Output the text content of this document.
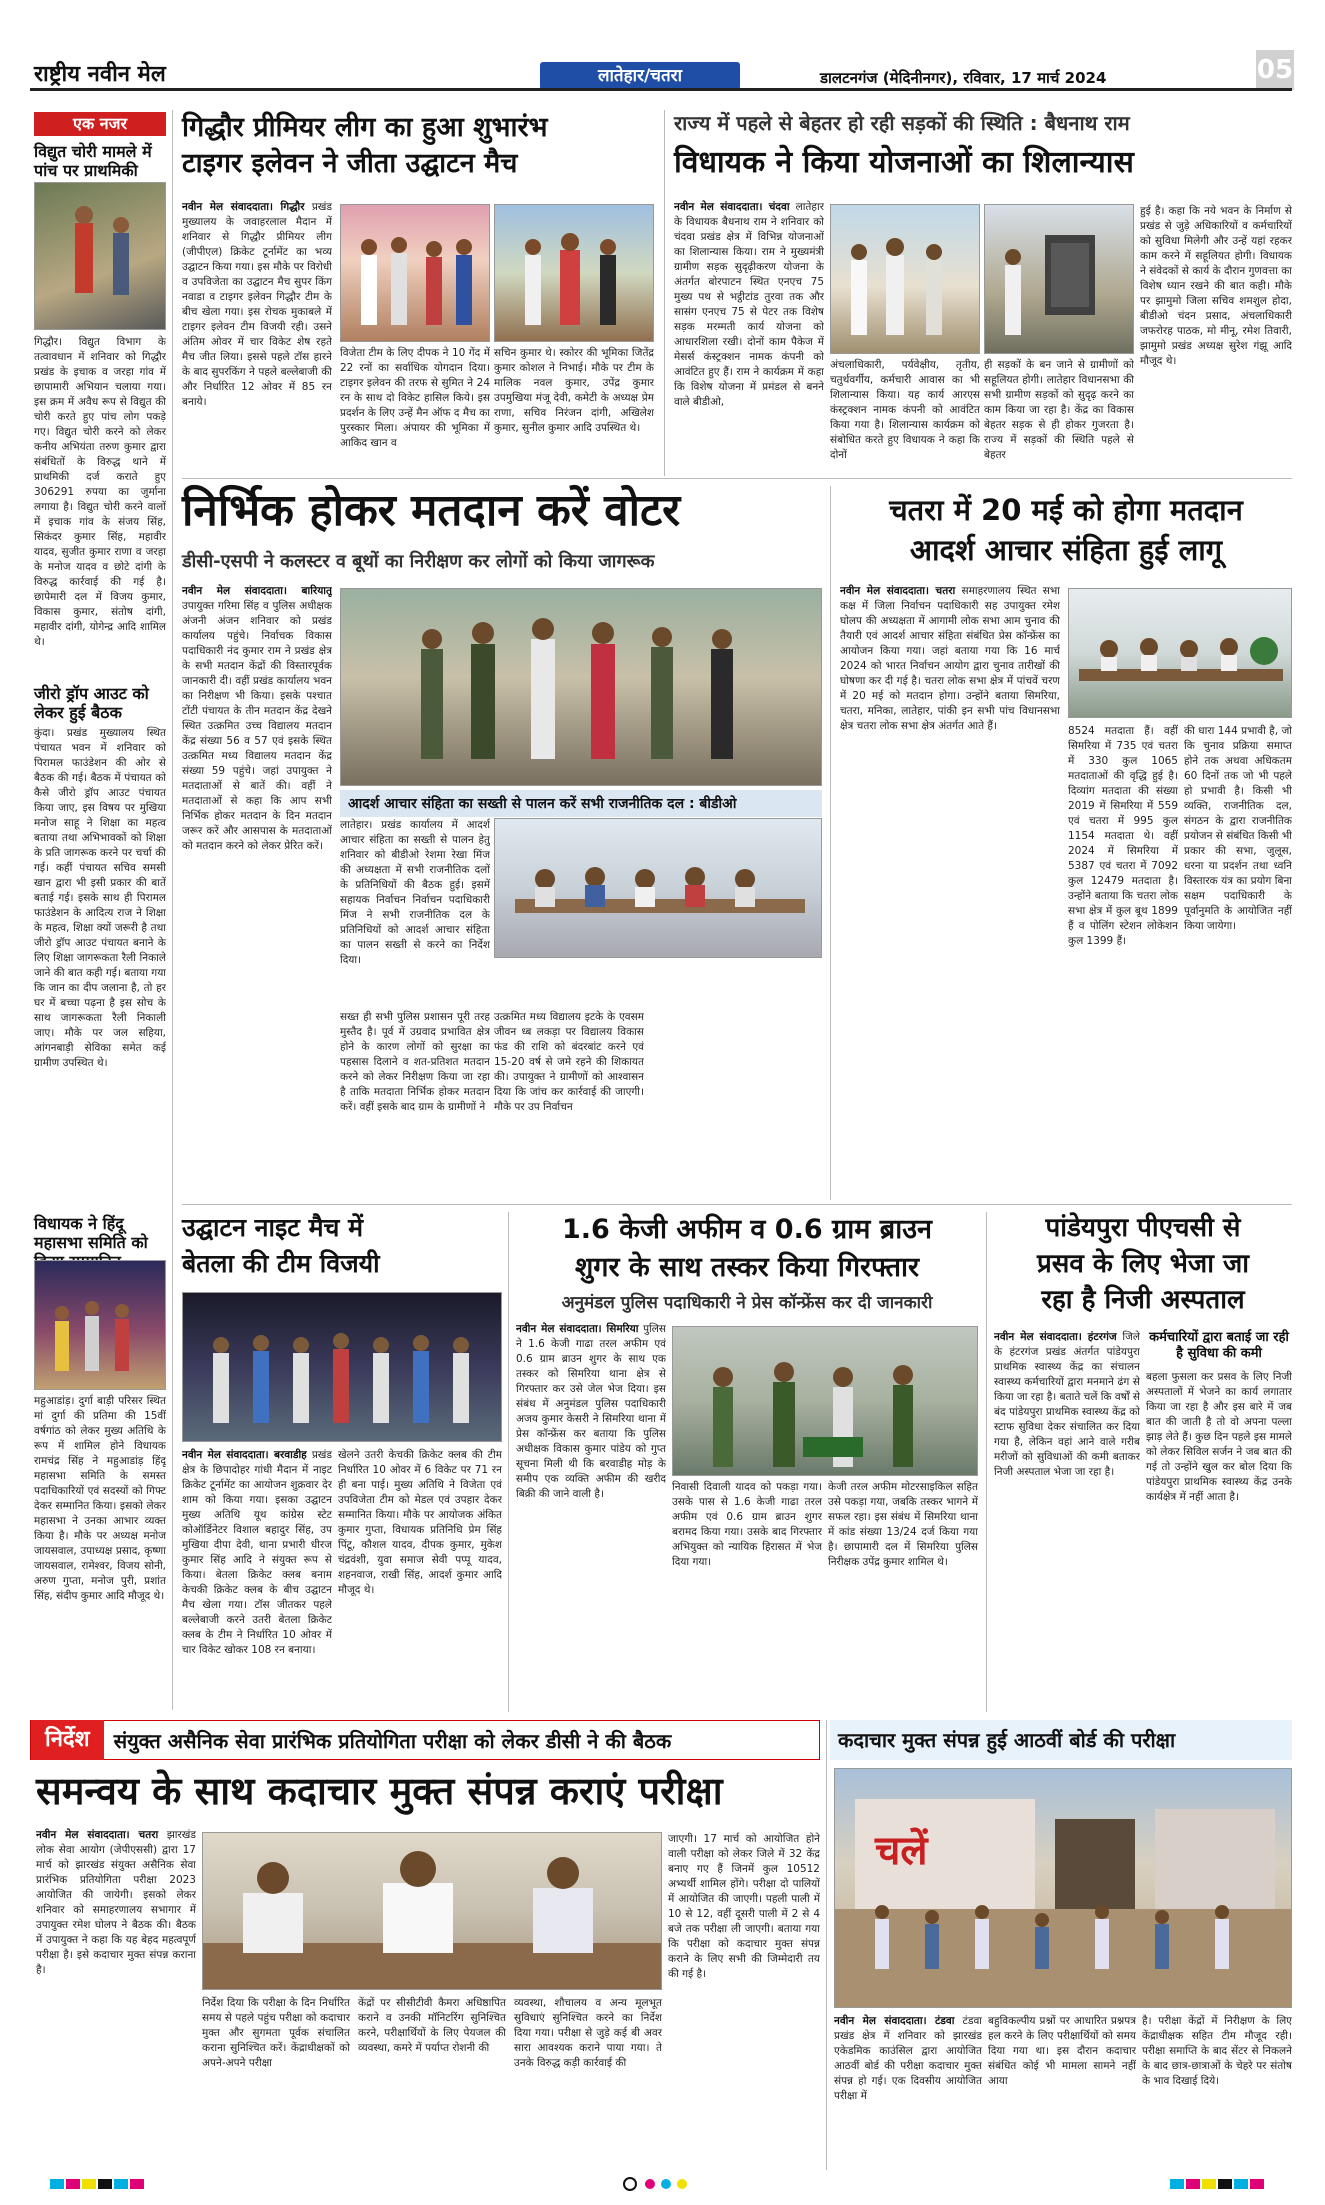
राष्ट्रीय नवीन मेल	लातेहार/चतरा	डालटनगंज (मेदिनीनगर), रविवार, 17 मार्च 2024	05
एक नजर
विद्युत चोरी मामले में पांच पर प्राथमिकी
गिद्धौर। विद्युत विभाग के तत्वावधान में शनिवार को गिद्धौर प्रखंड के इचाक व जरहा गांव में छापामारी अभियान चलाया गया। इस क्रम में अवैध रूप से विद्युत की चोरी करते हुए पांच लोग पकड़े गए। विद्युत चोरी करने को लेकर कनीय अभियंता तरुण कुमार द्वारा संबंधितों के विरुद्ध थाने में प्राथमिकी दर्ज कराते हुए 306291 रुपया का जुर्माना लगाया है। विद्युत चोरी करने वालों में इचाक गांव के संजय सिंह, सिकंदर कुमार सिंह, महावीर यादव, सुजीत कुमार राणा व जरहा के मनोज यादव व छोटे दांगी के विरुद्ध कार्रवाई की गई है। छापेमारी दल में विजय कुमार, विकास कुमार, संतोष दांगी, महावीर दांगी, योगेन्द्र आदि शामिल थे।
जीरो ड्रॉप आउट को लेकर हुई बैठक
कुंदा। प्रखंड मुख्यालय स्थित पंचायत भवन में शनिवार को पिरामल फाउंडेशन की ओर से बैठक की गई। बैठक में पंचायत को कैसे जीरो ड्रॉप आउट पंचायत किया जाए, इस विषय पर मुखिया मनोज साहू ने शिक्षा का महत्व बताया तथा अभिभावकों को शिक्षा के प्रति जागरूक करने पर चर्चा की गई। कहीं पंचायत सचिव समसी खान द्वारा भी इसी प्रकार की बातें बताई गई। इसके साथ ही पिरामल फाउंडेशन के आदित्य राज ने शिक्षा के महत्व, शिक्षा क्यों जरूरी है तथा जीरो ड्रॉप आउट पंचायत बनाने के लिए शिक्षा जागरूकता रैली निकाले जाने की बात कही गई। बताया गया कि जान का दीप जलाना है, तो हर घर में बच्चा पढ़ना है इस सोच के साथ जागरूकता रैली निकाली जाए। मौके पर जल सहिया, आंगनबाड़ी सेविका समेत कई ग्रामीण उपस्थित थे।
विधायक ने हिंदू महासभा समिति को
महुआडांड़। दुर्गा बाड़ी परिसर स्थित मां दुर्गा की प्रतिमा की 15वीं वर्षगांठ को लेकर मुख्य अतिथि के रूप में शामिल होने विधायक रामचंद्र सिंह ने महुआडांड़ हिंदू महासभा समिति के समस्त पदाधिकारियों एवं सदस्यों को गिफ्ट देकर सम्मानित किया। इसको लेकर महासभा ने उनका आभार व्यक्त किया है। मौके पर अध्यक्ष मनोज जायसवाल, उपाध्यक्ष प्रसाद, कृष्णा जायसवाल, रामेश्वर, विजय सोनी, अरुण गुप्ता, मनोज पुरी, प्रशांत सिंह, संदीप कुमार आदि मौजूद थे।
गिद्धौर प्रीमियर लीग का हुआ शुभारंभ
टाइगर इलेवन ने जीता उद्घाटन मैच
नवीन मेल संवाददाता। गिद्धौर प्रखंड मुख्यालय के जवाहरलाल मैदान में शनिवार से गिद्धौर प्रीमियर लीग (जीपीएल) क्रिकेट टूर्नामेंट का भव्य उद्घाटन किया गया। इस मौके पर विरोधी व उपविजेता का उद्घाटन मैच सुपर किंग नवाडा व टाइगर इलेवन गिद्धौर टीम के बीच खेला गया। इस रोचक मुकाबले में टाइगर इलेवन टीम विजयी रही। उसने अंतिम ओवर में चार विकेट शेष रहते मैच जीत लिया। इससे पहले टॉस हारने के बाद सुपरकिंग ने पहले बल्लेबाजी की और निर्धारित 12 ओवर में 85 रन बनाये।
विजेता टीम के लिए दीपक ने 10 गेंद में 22 रनों का सर्वाधिक योगदान दिया। टाइगर इलेवन की तरफ से सुमित ने 24 रन के साथ दो विकेट हासिल किये। इस प्रदर्शन के लिए उन्हें मैन ऑफ द मैच का पुरस्कार मिला। अंपायर की भूमिका में आकिद खान व
सचिन कुमार थे। स्कोरर की भूमिका जितेंद्र कुमार कोशल ने निभाई। मौके पर टीम के मालिक नवल कुमार, उपेंद्र कुमार उपमुखिया मंजू देवी, कमेटी के अध्यक्ष प्रेम राणा, सचिव निरंजन दांगी, अखिलेश कुमार, सुनील कुमार आदि उपस्थित थे।
राज्य में पहले से बेहतर हो रही सड़कों की स्थिति : बैधनाथ राम
विधायक ने किया योजनाओं का शिलान्यास
नवीन मेल संवाददाता। चंदवा लातेहार के विधायक बैधनाथ राम ने शनिवार को चंदवा प्रखंड क्षेत्र में विभिन्न योजनाओं का शिलान्यास किया। राम ने मुख्यमंत्री ग्रामीण सड़क सुदृढ़ीकरण योजना के अंतर्गत बोरपाटन स्थित एनएच 75 मुख्य पथ से भट्ठीटांड तुरवा तक और सासंग एनएच 75 से पेटर तक विशेष सड़क मरम्मती कार्य योजना को आधारशिला रखी। दोनों काम पैकेज में मेसर्स कंस्ट्रक्शन नामक कंपनी को आवंटित हुए हैं। राम ने कार्यक्रम में कहा कि विशेष योजना में प्रमंडल से बनने वाले बीडीओ,
अंचलाधिकारी, पर्यवेक्षीय, तृतीय, चतुर्थवर्गीय, कर्मचारी आवास का भी शिलान्यास किया। यह कार्य आरएस कंस्ट्रक्शन नामक कंपनी को आवंटित किया गया है। शिलान्यास कार्यक्रम को संबोधित करते हुए विधायक ने कहा कि दोनों
ही सड़कों के बन जाने से ग्रामीणों को सहूलियत होगी। लातेहार विधानसभा की सभी ग्रामीण सड़कों को सुदृढ़ करने का काम किया जा रहा है। केंद्र का विकास बेहतर सड़क से ही होकर गुजरता है। राज्य में सड़कों की स्थिति पहले से बेहतर
हुई है। कहा कि नये भवन के निर्माण से प्रखंड से जुड़े अधिकारियों व कर्मचारियों को सुविधा मिलेगी और उन्हें यहां रहकर काम करने में सहूलियत होगी। विधायक ने संवेदकों से कार्य के दौरान गुणवत्ता का विशेष ध्यान रखने की बात कही। मौके पर झामुमो जिला सचिव शमशुल होदा, बीडीओ चंदन प्रसाद, अंचलाधिकारी जफरोरह पाठक, मो मीनू, रमेश तिवारी, झामुमो प्रखंड अध्यक्ष सुरेश गंझू आदि मौजूद थे।
निर्भिक होकर मतदान करें वोटर
डीसी-एसपी ने कलस्टर व बूथों का निरीक्षण कर लोगों को किया जागरूक
नवीन मेल संवाददाता। बारियातू उपायुक्त गरिमा सिंह व पुलिस अधीक्षक अंजनी अंजन शनिवार को प्रखंड कार्यालय पहुंचे। निर्वाचक विकास पदाधिकारी नंद कुमार राम ने प्रखंड क्षेत्र के सभी मतदान केंद्रों की विस्तारपूर्वक जानकारी दी। वहीं प्रखंड कार्यालय भवन का निरीक्षण भी किया। इसके पश्चात टोंटी पंचायत के तीन मतदान केंद्र देखने स्थित उत्क्रमित उच्च विद्यालय मतदान केंद्र संख्या 56 व 57 एवं इसके स्थित उत्क्रमित मध्य विद्यालय मतदान केंद्र संख्या 59 पहुंचे। जहां उपायुक्त ने मतदाताओं से बातें की। वहीं ने मतदाताओं से कहा कि आप सभी निर्भिक होकर मतदान के दिन मतदान जरूर करें और आसपास के मतदाताओं को मतदान करने को लेकर प्रेरित करें।
आदर्श आचार संहिता का सख्ती से पालन करें सभी राजनीतिक दल : बीडीओ
लातेहार। प्रखंड कार्यालय में आदर्श आचार संहिता का सख्ती से पालन हेतु शनिवार को बीडीओ रेशमा रेखा मिंज की अध्यक्षता में सभी राजनीतिक दलों के प्रतिनिधियों की बैठक हुई। इसमें सहायक निर्वाचन निर्वाचन पदाधिकारी मिंज ने सभी राजनीतिक दल के प्रतिनिधियों को आदर्श आचार संहिता का पालन सख्ती से करने का निर्देश दिया।
सख्त ही सभी पुलिस प्रशासन पूरी तरह मुस्तैद है। पूर्व में उग्रवाद प्रभावित क्षेत्र होने के कारण लोगों को सुरक्षा का पहसास दिलाने व शत-प्रतिशत मतदान करने को लेकर निरीक्षण किया जा रहा है ताकि मतदाता निर्भिक होकर मतदान करें। वहीं इसके बाद ग्राम के ग्रामीणों ने
उत्क्रमित मध्य विद्यालय इटके के एवसम जीवन ध्ब लकड़ा पर विद्यालय विकास फंड की राशि को बंदरबांट करने एवं 15-20 वर्ष से जमे रहने की शिकायत की। उपायुक्त ने ग्रामीणों को आश्वासन दिया कि जांच कर कार्रवाई की जाएगी। मौके पर उप निर्वाचन
चतरा में 20 मई को होगा मतदान
आदर्श आचार संहिता हुई लागू
नवीन मेल संवाददाता। चतरा समाहरणालय स्थित सभा कक्ष में जिला निर्वाचन पदाधिकारी सह उपायुक्त रमेश घोलप की अध्यक्षता में आगामी लोक सभा आम चुनाव की तैयारी एवं आदर्श आचार संहिता संबंधित प्रेस कॉन्फ्रेंस का आयोजन किया गया। जहां बताया गया कि 16 मार्च 2024 को भारत निर्वाचन आयोग द्वारा चुनाव तारीखों की घोषणा कर दी गई है। चतरा लोक सभा क्षेत्र में पांचवें चरण में 20 मई को मतदान होगा। उन्होंने बताया सिमरिया, चतरा, मनिका, लातेहार, पांकी इन सभी पांच विधानसभा क्षेत्र चतरा लोक सभा क्षेत्र अंतर्गत आते हैं।	8524 मतदाता हैं। वहीं सिमरिया में 735 एवं चतरा में 330 कुल 1065 मतदाताओं की वृद्धि हुई है। दिव्यांग मतदाता की संख्या 2019 में सिमरिया में 559 एवं चतरा में 995 कुल 1154 मतदाता थे। वहीं 2024 में सिमरिया में 5387 एवं चतरा में 7092 कुल 12479 मतदाता है। उन्होंने बताया कि चतरा लोक सभा क्षेत्र में कुल बूथ 1899 हैं व पोलिंग स्टेशन लोकेशन कुल 1399 हैं।
की धारा 144 प्रभावी है, जो कि चुनाव प्रक्रिया समाप्त होने तक अथवा अधिकतम 60 दिनों तक जो भी पहले हो प्रभावी है। किसी भी व्यक्ति, राजनीतिक दल, संगठन के द्वारा राजनीतिक प्रयोजन से संबंधित किसी भी प्रकार की सभा, जुलूस, धरना या प्रदर्शन तथा ध्वनि विस्तारक यंत्र का प्रयोग बिना सक्षम पदाधिकारी के पूर्वानुमति के आयोजित नहीं किया जायेगा।
उद्घाटन नाइट मैच में
बेतला की टीम विजयी
नवीन मेल संवाददाता। बरवाडीह प्रखंड क्षेत्र के छिपादोहर गांधी मैदान में नाइट क्रिकेट टूर्नामेंट का आयोजन शुक्रवार देर शाम को किया गया। इसका उद्घाटन मुख्य अतिथि यूथ कांग्रेस स्टेट कोऑर्डिनेटर विशाल बहादुर सिंह, उप मुखिया दीपा देवी, थाना प्रभारी धीरज कुमार सिंह आदि ने संयुक्त रूप से किया। बेतला क्रिकेट क्लब बनाम केचकी क्रिकेट क्लब के बीच उद्घाटन मैच खेला गया। टॉस जीतकर पहले बल्लेबाजी करने उतरी बेतला क्रिकेट क्लब के टीम ने निर्धारित 10 ओवर में चार विकेट खोकर 108 रन बनाया।
खेलने उतरी केचकी क्रिकेट क्लब की टीम निर्धारित 10 ओवर में 6 विकेट पर 71 रन ही बना पाई। मुख्य अतिथि ने विजेता एवं उपविजेता टीम को मेडल एवं उपहार देकर सम्मानित किया। मौके पर आयोजक अंकित कुमार गुप्ता, विधायक प्रतिनिधि प्रेम सिंह पिंटू, कौशल यादव, दीपक कुमार, मुकेश चंद्रवंशी, युवा समाज सेवी पप्पू यादव, शहनवाज, राखी सिंह, आदर्श कुमार आदि मौजूद थे।
1.6 केजी अफीम व 0.6 ग्राम ब्राउन
शुगर के साथ तस्कर किया गिरफ्तार
अनुमंडल पुलिस पदाधिकारी ने प्रेस कॉन्फ्रेंस कर दी जानकारी
नवीन मेल संवाददाता। सिमरिया पुलिस ने 1.6 केजी गाढा तरल अफीम एवं 0.6 ग्राम ब्राउन शुगर के साथ एक तस्कर को सिमरिया थाना क्षेत्र से गिरफ्तार कर उसे जेल भेज दिया। इस संबंध में अनुमंडल पुलिस पदाधिकारी अजय कुमार केसरी ने सिमरिया थाना में प्रेस कॉन्फ्रेंस कर बताया कि पुलिस अधीक्षक विकास कुमार पांडेय को गुप्त सूचना मिली थी कि बरवाडीह मोड़ के समीप एक व्यक्ति अफीम की खरीद बिक्री की जाने वाली है।
निवासी दिवाली यादव को पकड़ा गया। उसके पास से 1.6 केजी गाढा तरल अफीम एवं 0.6 ग्राम ब्राउन शुगर बरामद किया गया। उसके बाद गिरफ्तार अभियुक्त को न्यायिक हिरासत में भेज दिया गया।
केजी तरल अफीम मोटरसाइकिल सहित उसे पकड़ा गया, जबकि तस्कर भागने में सफल रहा। इस संबंध में सिमरिया थाना में कांड संख्या 13/24 दर्ज किया गया है। छापामारी दल में सिमरिया पुलिस निरीक्षक उपेंद्र कुमार शामिल थे।
पांडेयपुरा पीएचसी से
प्रसव के लिए भेजा जा
रहा है निजी अस्पताल
नवीन मेल संवाददाता। हंटरगंज जिले के हंटरगंज प्रखंड अंतर्गत पांडेयपुरा प्राथमिक स्वास्थ्य केंद्र का संचालन स्वास्थ्य कर्मचारियों द्वारा मनमाने ढंग से किया जा रहा है। बताते चलें कि वर्षों से बंद पांडेयपुरा प्राथमिक स्वास्थ्य केंद्र को स्टाफ सुविधा देकर संचालित कर दिया गया है, लेकिन वहां आने वाले गरीब मरीजों को सुविधाओं की कमी बताकर निजी अस्पताल भेजा जा रहा है।
कर्मचारियों द्वारा बताई जा रही है सुविधा की कमी
बहला फुसला कर प्रसव के लिए निजी अस्पतालों में भेजने का कार्य लगातार किया जा रहा है और इस बारे में जब बात की जाती है तो वो अपना पल्ला झाड़ लेते हैं। कुछ दिन पहले इस मामले को लेकर सिविल सर्जन ने जब बात की गई तो उन्होंने खुल कर बोल दिया कि पांडेयपुरा प्राथमिक स्वास्थ्य केंद्र उनके कार्यक्षेत्र में नहीं आता है।
निर्देश	संयुक्त असैनिक सेवा प्रारंभिक प्रतियोगिता परीक्षा को लेकर डीसी ने की बैठक	कदाचार मुक्त संपन्न हुई आठवीं बोर्ड की परीक्षा
समन्वय के साथ कदाचार मुक्त संपन्न कराएं परीक्षा
नवीन मेल संवाददाता। चतरा झारखंड लोक सेवा आयोग (जेपीएससी) द्वारा 17 मार्च को झारखंड संयुक्त असैनिक सेवा प्रारंभिक प्रतियोगिता परीक्षा 2023 आयोजित की जायेगी। इसको लेकर शनिवार को समाहरणालय सभागार में उपायुक्त रमेश घोलप ने बैठक की। बैठक में उपायुक्त ने कहा कि यह बेहद महत्वपूर्ण परीक्षा है। इसे कदाचार मुक्त संपन्न कराना है।
निर्देश दिया कि परीक्षा के दिन निर्धारित समय से पहले पहुंच परीक्षा को कदाचार मुक्त और सुगमता पूर्वक संचालित कराना सुनिश्चित करें। केंद्राधीक्षकों को अपने-अपने परीक्षा
केंद्रों पर सीसीटीवी कैमरा अधिष्ठापित कराने व उनकी मॉनिटरिंग सुनिश्चित करने, परीक्षार्थियों के लिए पेयजल की व्यवस्था, कमरे में पर्याप्त रोशनी की
व्यवस्था, शौचालय व अन्य मूलभूत सुविधाएं सुनिश्चित करने का निर्देश दिया गया। परीक्षा से जुड़े कई बी अवर सारा आवश्यक कराने पाया गया। ते उनके विरुद्ध कड़ी कार्रवाई की
जाएगी। 17 मार्च को आयोजित होने वाली परीक्षा को लेकर जिले में 32 केंद्र बनाए गए हैं जिनमें कुल 10512 अभ्यर्थी शामिल होंगे। परीक्षा दो पालियों में आयोजित की जाएगी। पहली पाली में 10 से 12, वहीं दूसरी पाली में 2 से 4 बजे तक परीक्षा ली जाएगी। बताया गया कि परीक्षा को कदाचार मुक्त संपन्न कराने के लिए सभी की जिम्मेदारी तय की गई है।
चलें
नवीन मेल संवाददाता। टंडवा टंडवा प्रखंड क्षेत्र में शनिवार को झारखंड एकेडमिक काउंसिल द्वारा आयोजित आठवीं बोर्ड की परीक्षा कदाचार मुक्त संपन्न हो गई। एक दिवसीय आयोजित परीक्षा में
बहुविकल्पीय प्रश्नों पर आधारित प्रश्नपत्र हल करने के लिए परीक्षार्थियों को समय दिया गया था। इस दौरान कदाचार संबंधित कोई भी मामला सामने नहीं आया
है। परीक्षा केंद्रों में निरीक्षण के लिए केंद्राधीक्षक सहित टीम मौजूद रही। परीक्षा समाप्ति के बाद सेंटर से निकलने के बाद छात्र-छात्राओं के चेहरे पर संतोष के भाव दिखाई दिये।
